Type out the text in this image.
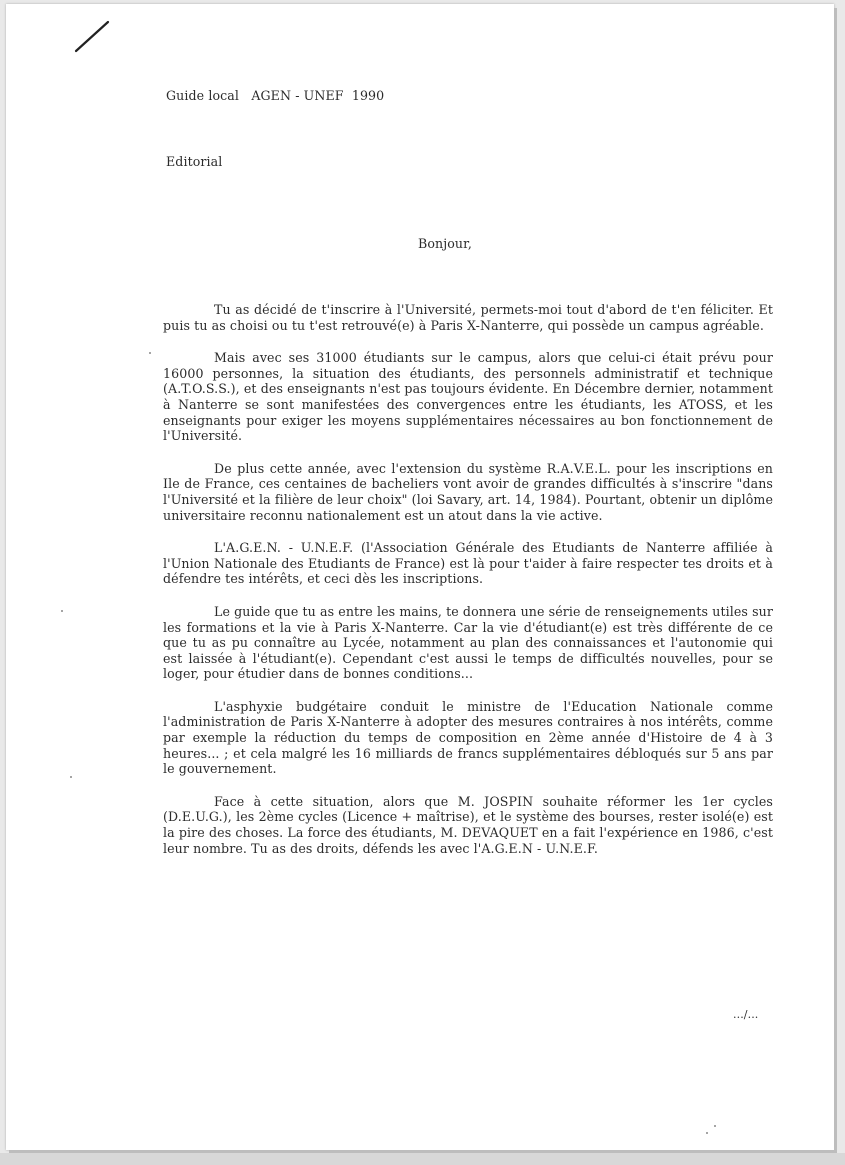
Guide local   AGEN - UNEF  1990
Editorial
Bonjour,

Tu as décidé de t'inscrire à l'Université, permets-moi tout d'abord de t'en féliciter. Et puis tu as choisi ou tu t'est retrouvé(e) à Paris X-Nanterre, qui possède un campus agréable.

Mais avec ses 31000 étudiants sur le campus, alors que celui-ci était prévu pour 16000 personnes, la situation des étudiants, des personnels administratif et technique (A.T.O.S.S.), et des enseignants n'est pas toujours évidente. En Décembre dernier, notamment à Nanterre se sont manifestées des convergences entre les étudiants, les ATOSS, et les enseignants pour exiger les moyens supplémentaires nécessaires au bon fonctionnement de l'Université.

De plus cette année, avec l'extension du système R.A.V.E.L. pour les inscriptions en Ile de France, ces centaines de bacheliers vont avoir de grandes difficultés à s'inscrire "dans l'Université et la filière de leur choix" (loi Savary, art. 14, 1984). Pourtant, obtenir un diplôme universitaire reconnu nationalement est un atout dans la vie active.

L'A.G.E.N. - U.N.E.F. (l'Association Générale des Etudiants de Nanterre affiliée à l'Union Nationale des Etudiants de France) est là pour t'aider à faire respecter tes droits et à défendre tes intérêts, et ceci dès les inscriptions.

Le guide que tu as entre les mains, te donnera une série de renseignements utiles sur les formations et la vie à Paris X-Nanterre. Car la vie d'étudiant(e) est très différente de ce que tu as pu connaître au Lycée, notamment au plan des connaissances et l'autonomie qui est laissée à l'étudiant(e). Cependant c'est aussi le temps de difficultés nouvelles, pour se loger, pour étudier dans de bonnes conditions...

L'asphyxie budgétaire conduit le ministre de l'Education Nationale comme l'administration de Paris X-Nanterre à adopter des mesures contraires à nos intérêts, comme par exemple la réduction du temps de composition en 2ème année d'Histoire de 4 à 3 heures... ; et cela malgré les 16 milliards de francs supplémentaires débloqués sur 5 ans par le gouvernement.

Face à cette situation, alors que M. JOSPIN souhaite réformer les 1er cycles (D.E.U.G.), les 2ème cycles (Licence + maîtrise), et le système des bourses, rester isolé(e) est la pire des choses. La force des étudiants, M. DEVAQUET en a fait l'expérience en 1986, c'est leur nombre. Tu as des droits, défends les avec l'A.G.E.N - U.N.E.F.

.../...
